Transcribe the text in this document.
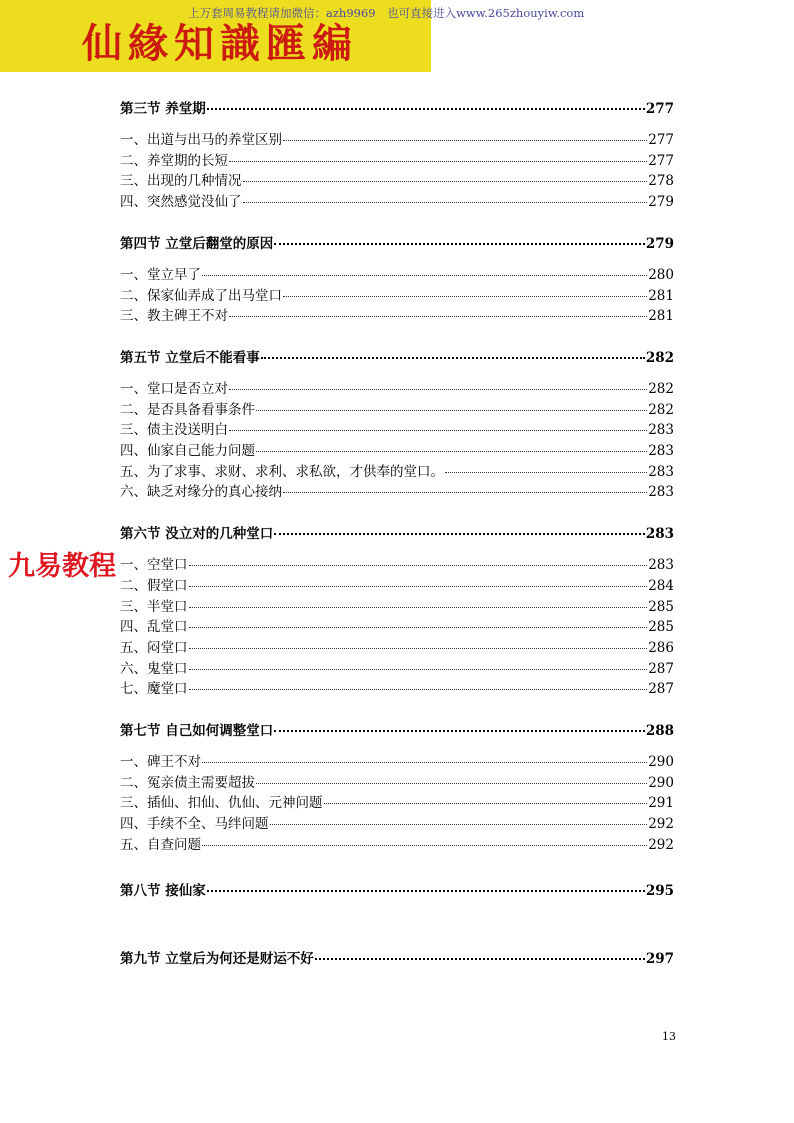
仙緣知識匯編
上万套周易教程请加微信：azh9969　也可直接进入www.265zhouyiw.com
九易教程
第三节 养堂期	277
一、出道与出马的养堂区别	277
二、养堂期的长短	277
三、出现的几种情况	278
四、突然感觉没仙了	279
第四节 立堂后翻堂的原因	279
一、堂立早了	280
二、保家仙弄成了出马堂口	281
三、教主碑王不对	281
第五节 立堂后不能看事	282
一、堂口是否立对	282
二、是否具备看事条件	282
三、债主没送明白	283
四、仙家自己能力问题	283
五、为了求事、求财、求利、求私欲，才供奉的堂口。	283
六、缺乏对缘分的真心接纳	283
第六节 没立对的几种堂口	283
一、空堂口	283
二、假堂口	284
三、半堂口	285
四、乱堂口	285
五、闷堂口	286
六、鬼堂口	287
七、魔堂口	287
第七节 自己如何调整堂口	288
一、碑王不对	290
二、冤亲债主需要超拔	290
三、插仙、扣仙、仇仙、元神问题	291
四、手续不全、马绊问题	292
五、自查问题	292
第八节 接仙家	295
第九节 立堂后为何还是财运不好	297
13
